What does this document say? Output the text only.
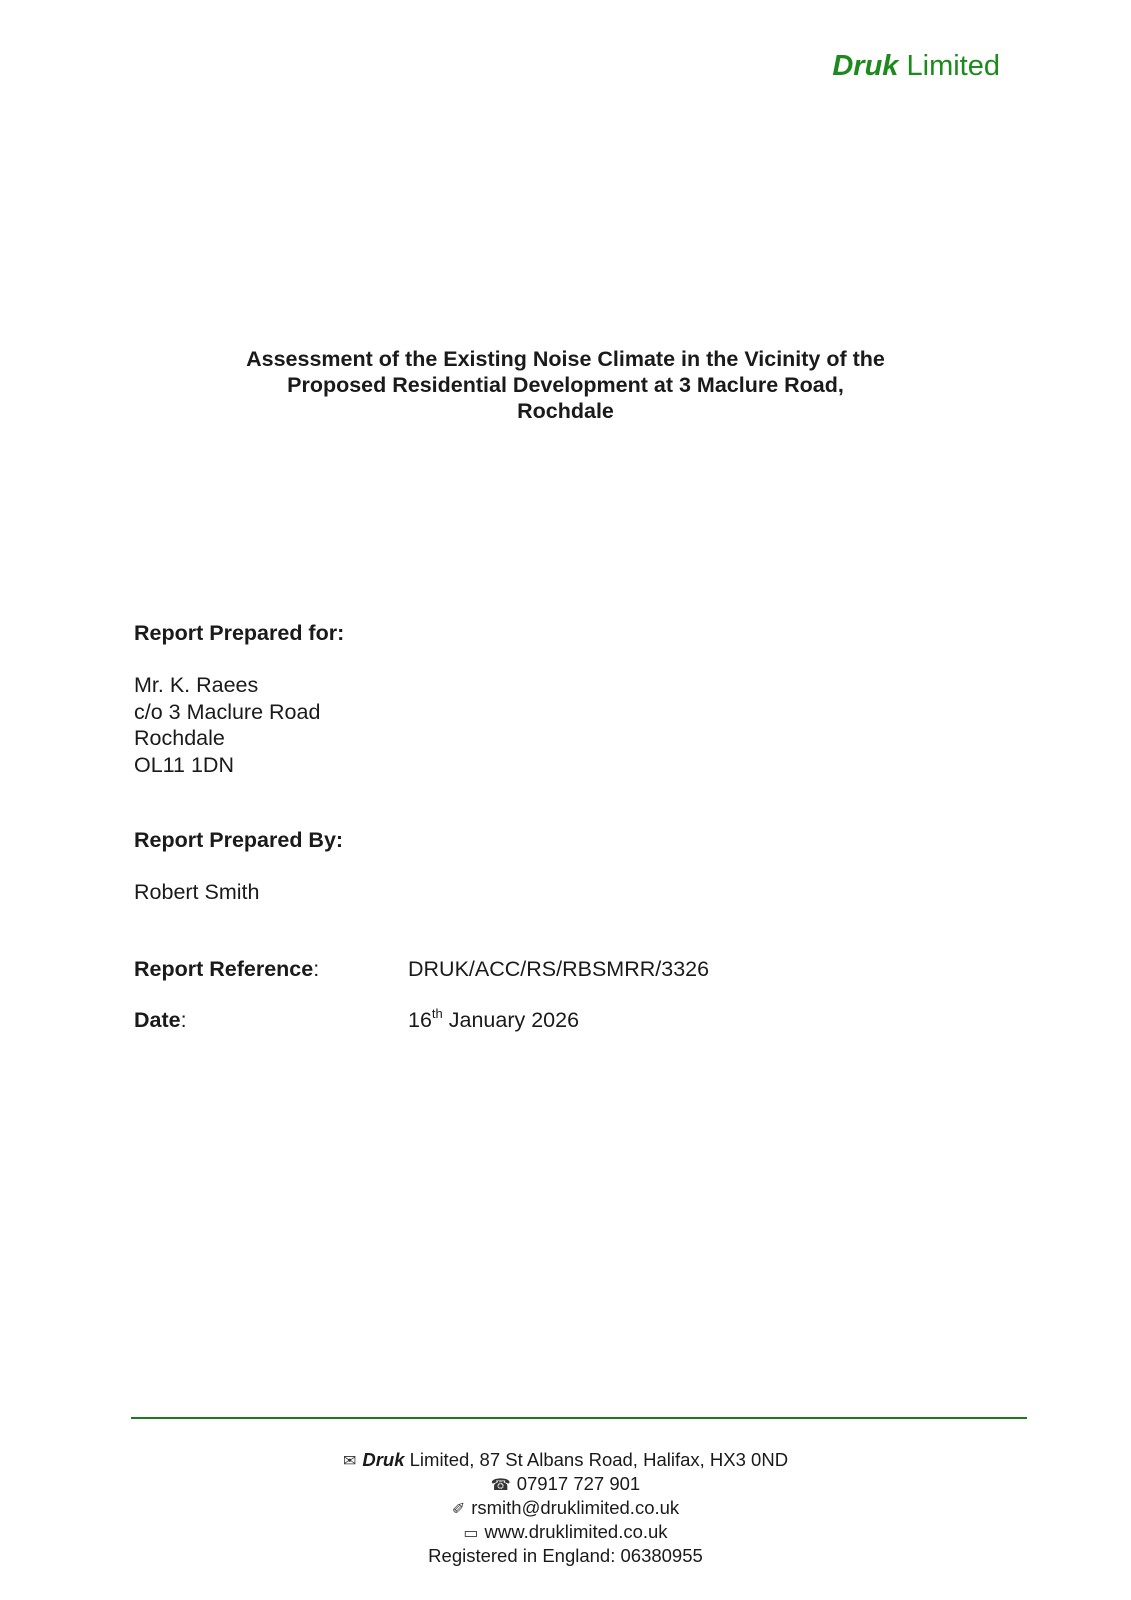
Druk Limited
Assessment of the Existing Noise Climate in the Vicinity of the
Proposed Residential Development at 3 Maclure Road,
Rochdale
Report Prepared for:
Mr. K. Raees
c/o 3 Maclure Road
Rochdale
OL11 1DN
Report Prepared By:
Robert Smith
Report Reference:	DRUK/ACC/RS/RBSMRR/3326
Date:	16th January 2026
✉ Druk Limited, 87 St Albans Road, Halifax, HX3 0ND
☎ 07917 727 901
✐ rsmith@druklimited.co.uk
▭ www.druklimited.co.uk
Registered in England: 06380955
